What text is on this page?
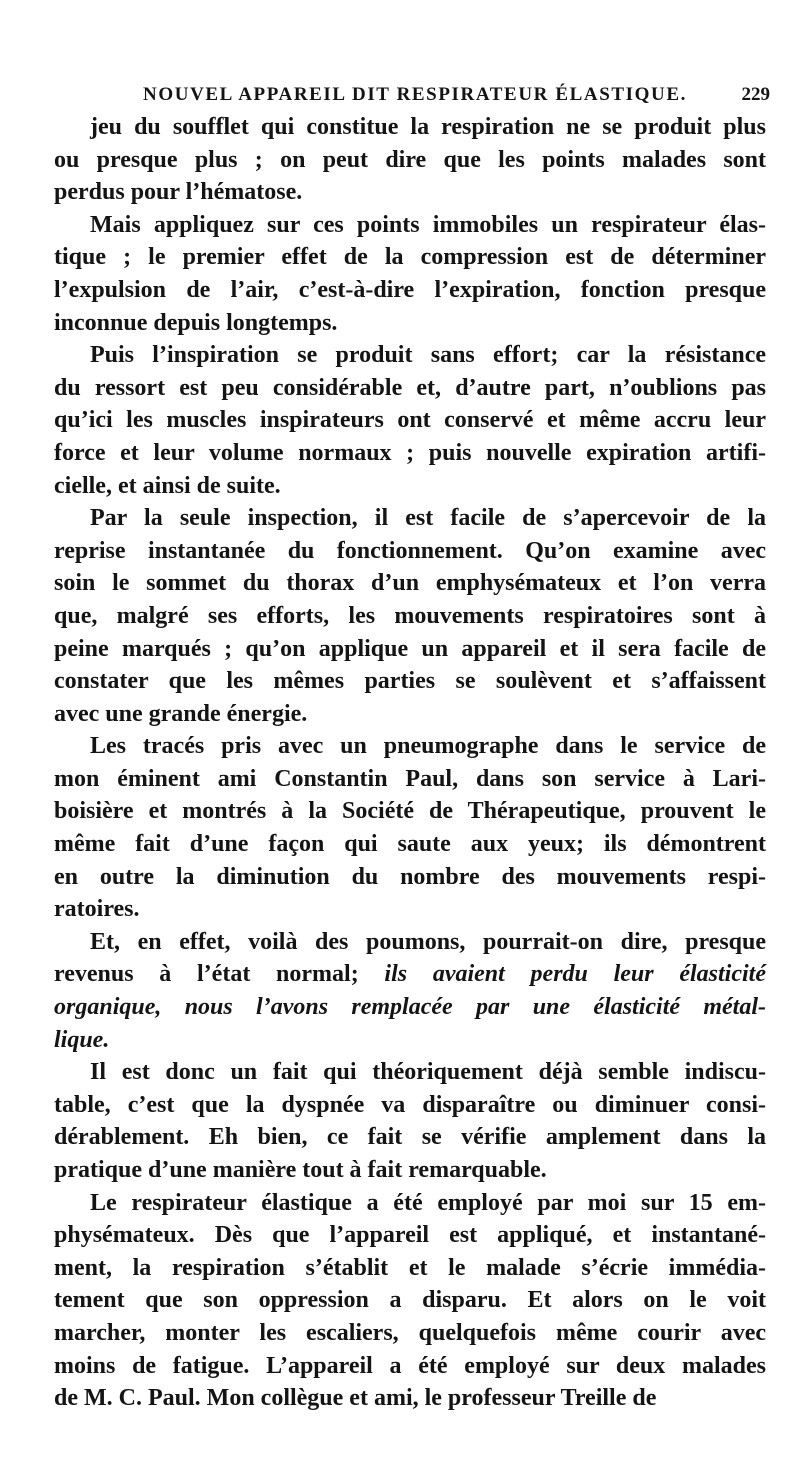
NOUVEL APPAREIL DIT RESPIRATEUR ÉLASTIQUE.	229
jeu du soufflet qui constitue la respiration ne se produit plus
ou presque plus ; on peut dire que les points malades sont
perdus pour l’hématose.
Mais appliquez sur ces points immobiles un respirateur élas-
tique ; le premier effet de la compression est de déterminer
l’expulsion de l’air, c’est-à-dire l’expiration, fonction presque
inconnue depuis longtemps.
Puis l’inspiration se produit sans effort; car la résistance
du ressort est peu considérable et, d’autre part, n’oublions pas
qu’ici les muscles inspirateurs ont conservé et même accru leur
force et leur volume normaux ; puis nouvelle expiration artifi-
cielle, et ainsi de suite.
Par la seule inspection, il est facile de s’apercevoir de la
reprise instantanée du fonctionnement. Qu’on examine avec
soin le sommet du thorax d’un emphysémateux et l’on verra
que, malgré ses efforts, les mouvements respiratoires sont à
peine marqués ; qu’on applique un appareil et il sera facile de
constater que les mêmes parties se soulèvent et s’affaissent
avec une grande énergie.
Les tracés pris avec un pneumographe dans le service de
mon éminent ami Constantin Paul, dans son service à Lari-
boisière et montrés à la Société de Thérapeutique, prouvent le
même fait d’une façon qui saute aux yeux; ils démontrent
en outre la diminution du nombre des mouvements respi-
ratoires.
Et, en effet, voilà des poumons, pourrait-on dire, presque
revenus à l’état normal; ils avaient perdu leur élasticité
organique, nous l’avons remplacée par une élasticité métal-
lique.
Il est donc un fait qui théoriquement déjà semble indiscu-
table, c’est que la dyspnée va disparaître ou diminuer consi-
dérablement. Eh bien, ce fait se vérifie amplement dans la
pratique d’une manière tout à fait remarquable.
Le respirateur élastique a été employé par moi sur 15 em-
physémateux. Dès que l’appareil est appliqué, et instantané-
ment, la respiration s’établit et le malade s’écrie immédia-
tement que son oppression a disparu. Et alors on le voit
marcher, monter les escaliers, quelquefois même courir avec
moins de fatigue. L’appareil a été employé sur deux malades
de M. C. Paul. Mon collègue et ami, le professeur Treille de
